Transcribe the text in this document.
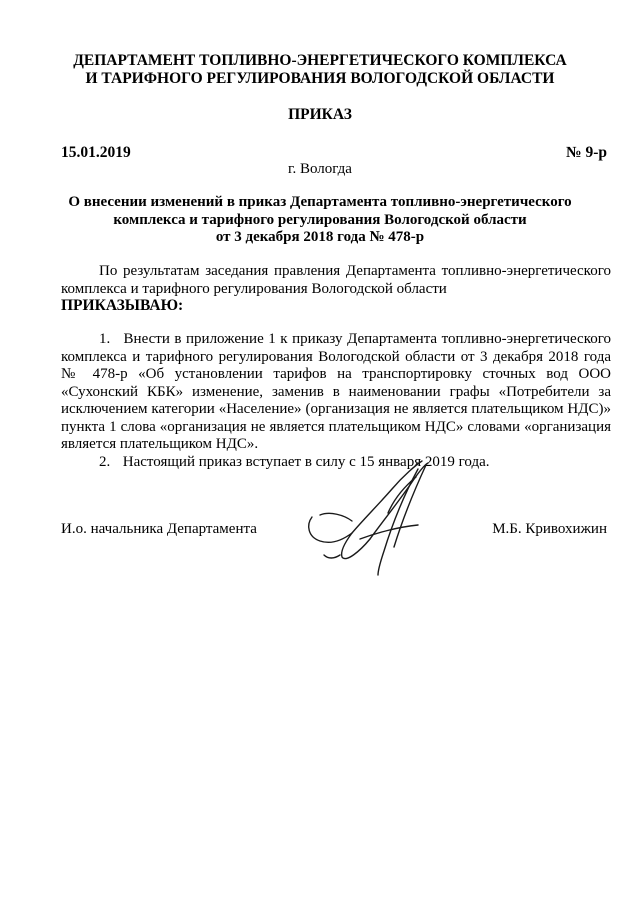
ДЕПАРТАМЕНТ ТОПЛИВНО-ЭНЕРГЕТИЧЕСКОГО КОМПЛЕКСА
И ТАРИФНОГО РЕГУЛИРОВАНИЯ ВОЛОГОДСКОЙ ОБЛАСТИ
ПРИКАЗ
15.01.2019	№ 9-р
г. Вологда
О внесении изменений в приказ Департамента топливно-энергетического
комплекса и тарифного регулирования Вологодской области
от 3 декабря 2018 года № 478-р
По результатам заседания правления Департамента топливно-энергетического комплекса и тарифного регулирования Вологодской области
ПРИКАЗЫВАЮ:

1. Внести в приложение 1 к приказу Департамента топливно-энергетического комплекса и тарифного регулирования Вологодской области от 3 декабря 2018 года № 478-р «Об установлении тарифов на транспортировку сточных вод ООО «Сухонский КБК» изменение, заменив в наименовании графы «Потребители за исключением категории «Население» (организация не является плательщиком НДС)» пункта 1 слова «организация не является плательщиком НДС» словами «организация является плательщиком НДС».

2. Настоящий приказ вступает в силу с 15 января 2019 года.

И.о. начальника Департамента	М.Б. Кривохижин
